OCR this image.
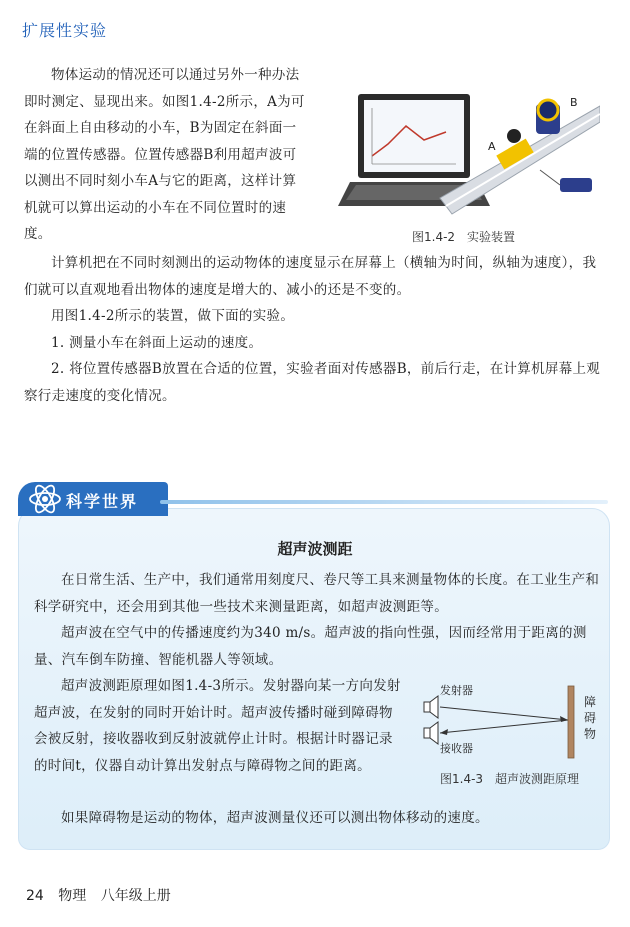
扩展性实验

物体运动的情况还可以通过另外一种办法即时测定、显现出来。如图1.4-2所示，A为可在斜面上自由移动的小车，B为固定在斜面一端的位置传感器。位置传感器B利用超声波可以测出不同时刻小车A与它的距离，这样计算机就可以算出运动的小车在不同位置时的速度。

A
B
图1.4-2　实验装置

计算机把在不同时刻测出的运动物体的速度显示在屏幕上（横轴为时间，纵轴为速度），我们就可以直观地看出物体的速度是增大的、减小的还是不变的。

用图1.4-2所示的装置，做下面的实验。

1. 测量小车在斜面上运动的速度。

2. 将位置传感器B放置在合适的位置，实验者面对传感器B，前后行走，在计算机屏幕上观察行走速度的变化情况。

科学世界
超声波测距

在日常生活、生产中，我们通常用刻度尺、卷尺等工具来测量物体的长度。在工业生产和科学研究中，还会用到其他一些技术来测量距离，如超声波测距等。

超声波在空气中的传播速度约为340 m/s。超声波的指向性强，因而经常用于距离的测量、汽车倒车防撞、智能机器人等领域。

超声波测距原理如图1.4-3所示。发射器向某一方向发射超声波，在发射的同时开始计时。超声波传播时碰到障碍物会被反射，接收器收到反射波就停止计时。根据计时器记录的时间t，仪器自动计算出发射点与障碍物之间的距离。

如果障碍物是运动的物体，超声波测量仪还可以测出物体移动的速度。

发射器
接收器
障碍物
图1.4-3　超声波测距原理
24 物理 八年级上册
